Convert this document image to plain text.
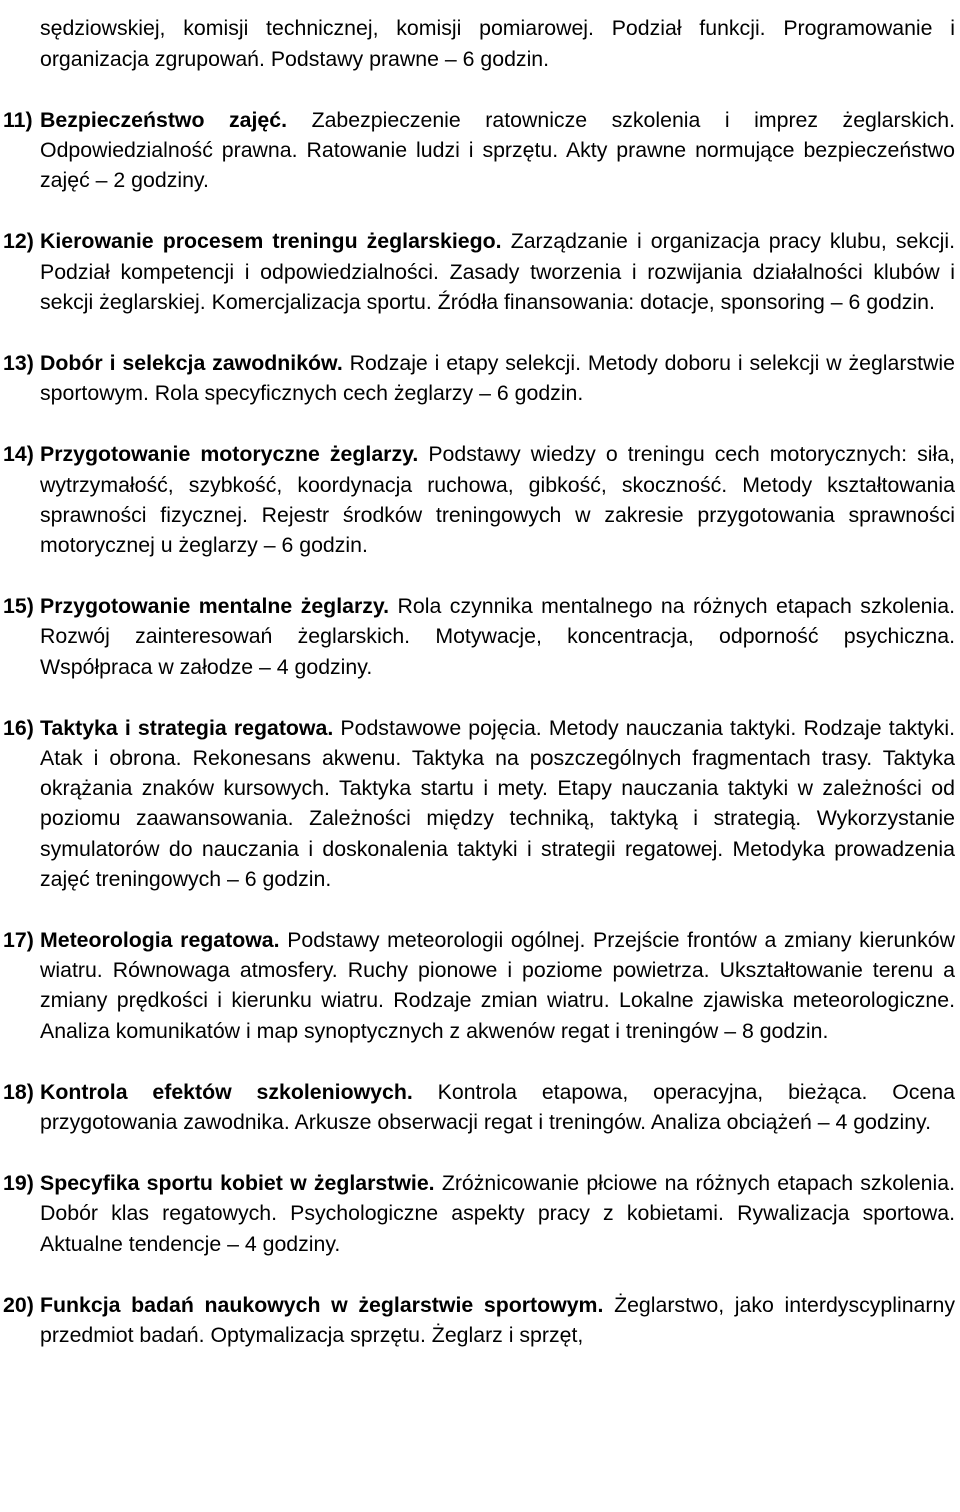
sędziowskiej, komisji technicznej, komisji pomiarowej. Podział funkcji. Programowanie i organizacja zgrupowań. Podstawy prawne – 6 godzin.

11) Bezpieczeństwo zajęć. Zabezpieczenie ratownicze szkolenia i imprez żeglarskich. Odpowiedzialność prawna. Ratowanie ludzi i sprzętu. Akty prawne normujące bezpieczeństwo zajęć – 2 godziny.

12) Kierowanie procesem treningu żeglarskiego. Zarządzanie i organizacja pracy klubu, sekcji. Podział kompetencji i odpowiedzialności. Zasady tworzenia i rozwijania działalności klubów i sekcji żeglarskiej. Komercjalizacja sportu. Źródła finansowania: dotacje, sponsoring – 6 godzin.

13) Dobór i selekcja zawodników. Rodzaje i etapy selekcji. Metody doboru i selekcji w żeglarstwie sportowym. Rola specyficznych cech żeglarzy – 6 godzin.

14) Przygotowanie motoryczne żeglarzy. Podstawy wiedzy o treningu cech motorycznych: siła, wytrzymałość, szybkość, koordynacja ruchowa, gibkość, skoczność. Metody kształtowania sprawności fizycznej. Rejestr środków treningowych w zakresie przygotowania sprawności motorycznej u żeglarzy – 6 godzin.

15) Przygotowanie mentalne żeglarzy. Rola czynnika mentalnego na różnych etapach szkolenia. Rozwój zainteresowań żeglarskich. Motywacje, koncentracja, odporność psychiczna. Współpraca w załodze – 4 godziny.

16) Taktyka i strategia regatowa. Podstawowe pojęcia. Metody nauczania taktyki. Rodzaje taktyki. Atak i obrona. Rekonesans akwenu. Taktyka na poszczególnych fragmentach trasy. Taktyka okrążania znaków kursowych. Taktyka startu i mety. Etapy nauczania taktyki w zależności od poziomu zaawansowania. Zależności między techniką, taktyką i strategią. Wykorzystanie symulatorów do nauczania i doskonalenia taktyki i strategii regatowej. Metodyka prowadzenia zajęć treningowych – 6 godzin.

17) Meteorologia regatowa. Podstawy meteorologii ogólnej. Przejście frontów a zmiany kierunków wiatru. Równowaga atmosfery. Ruchy pionowe i poziome powietrza. Ukształtowanie terenu a zmiany prędkości i kierunku wiatru. Rodzaje zmian wiatru. Lokalne zjawiska meteorologiczne. Analiza komunikatów i map synoptycznych z akwenów regat i treningów – 8 godzin.

18) Kontrola efektów szkoleniowych. Kontrola etapowa, operacyjna, bieżąca. Ocena przygotowania zawodnika. Arkusze obserwacji regat i treningów. Analiza obciążeń – 4 godziny.

19) Specyfika sportu kobiet w żeglarstwie. Zróżnicowanie płciowe na różnych etapach szkolenia. Dobór klas regatowych. Psychologiczne aspekty pracy z kobietami. Rywalizacja sportowa. Aktualne tendencje – 4 godziny.

20) Funkcja badań naukowych w żeglarstwie sportowym. Żeglarstwo, jako interdyscyplinarny przedmiot badań. Optymalizacja sprzętu. Żeglarz i sprzęt,
